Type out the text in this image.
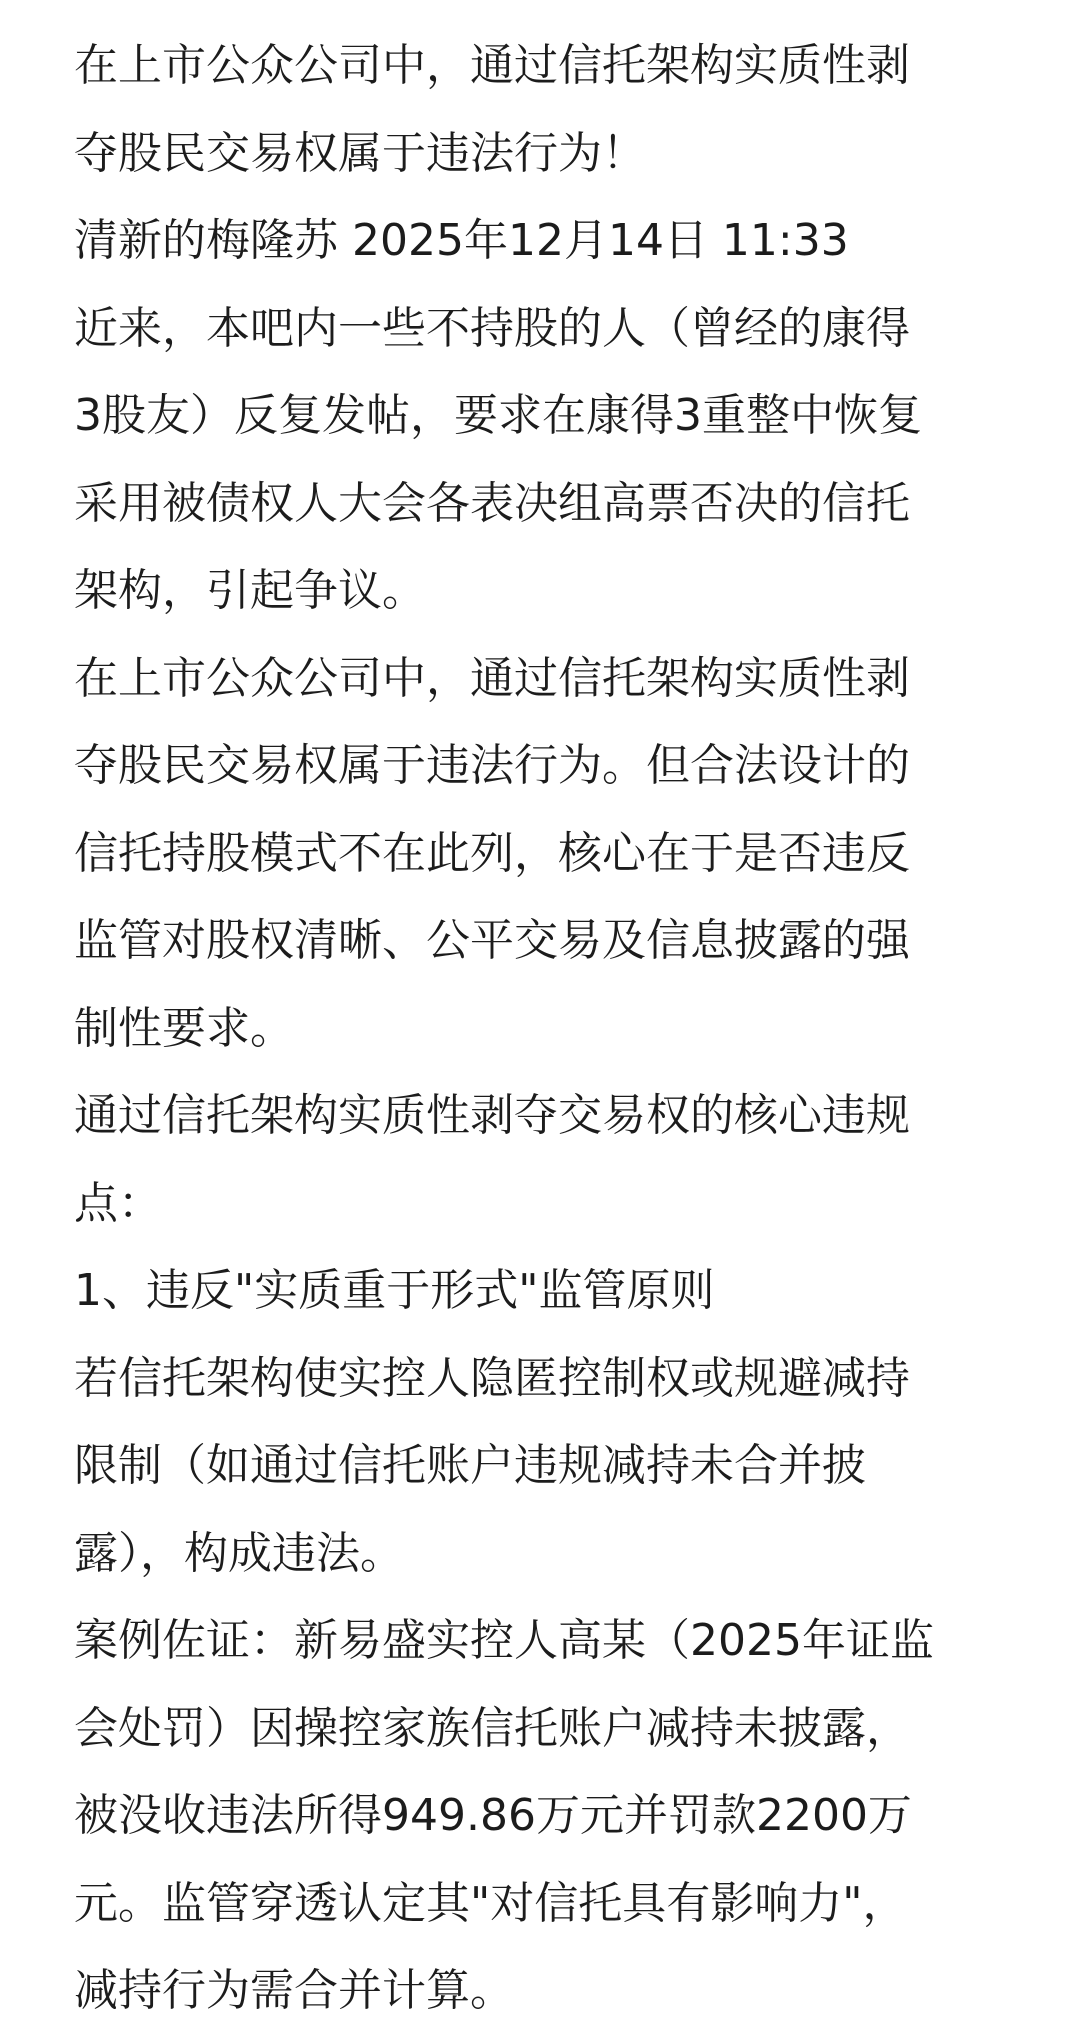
在上市公众公司中，通过信托架构实质性剥
夺股民交易权属于违法行为！
清新的梅隆苏 2025年12月14日 11:33
近来，本吧内一些不持股的人（曾经的康得
3股友）反复发帖，要求在康得3重整中恢复
采用被债权人大会各表决组高票否决的信托
架构，引起争议。
在上市公众公司中，通过信托架构实质性剥
夺股民交易权属于违法行为。但合法设计的
信托持股模式不在此列，核心在于是否违反
监管对股权清晰、公平交易及信息披露的强
制性要求。
通过信托架构实质性剥夺交易权的核心违规
点：
1、违反"实质重于形式"监管原则
若信托架构使实控人隐匿控制权或规避减持
限制（如通过信托账户违规减持未合并披
露），构成违法。
案例佐证：新易盛实控人高某（2025年证监
会处罚）因操控家族信托账户减持未披露，
被没收违法所得949.86万元并罚款2200万
元。监管穿透认定其"对信托具有影响力"，
减持行为需合并计算。
